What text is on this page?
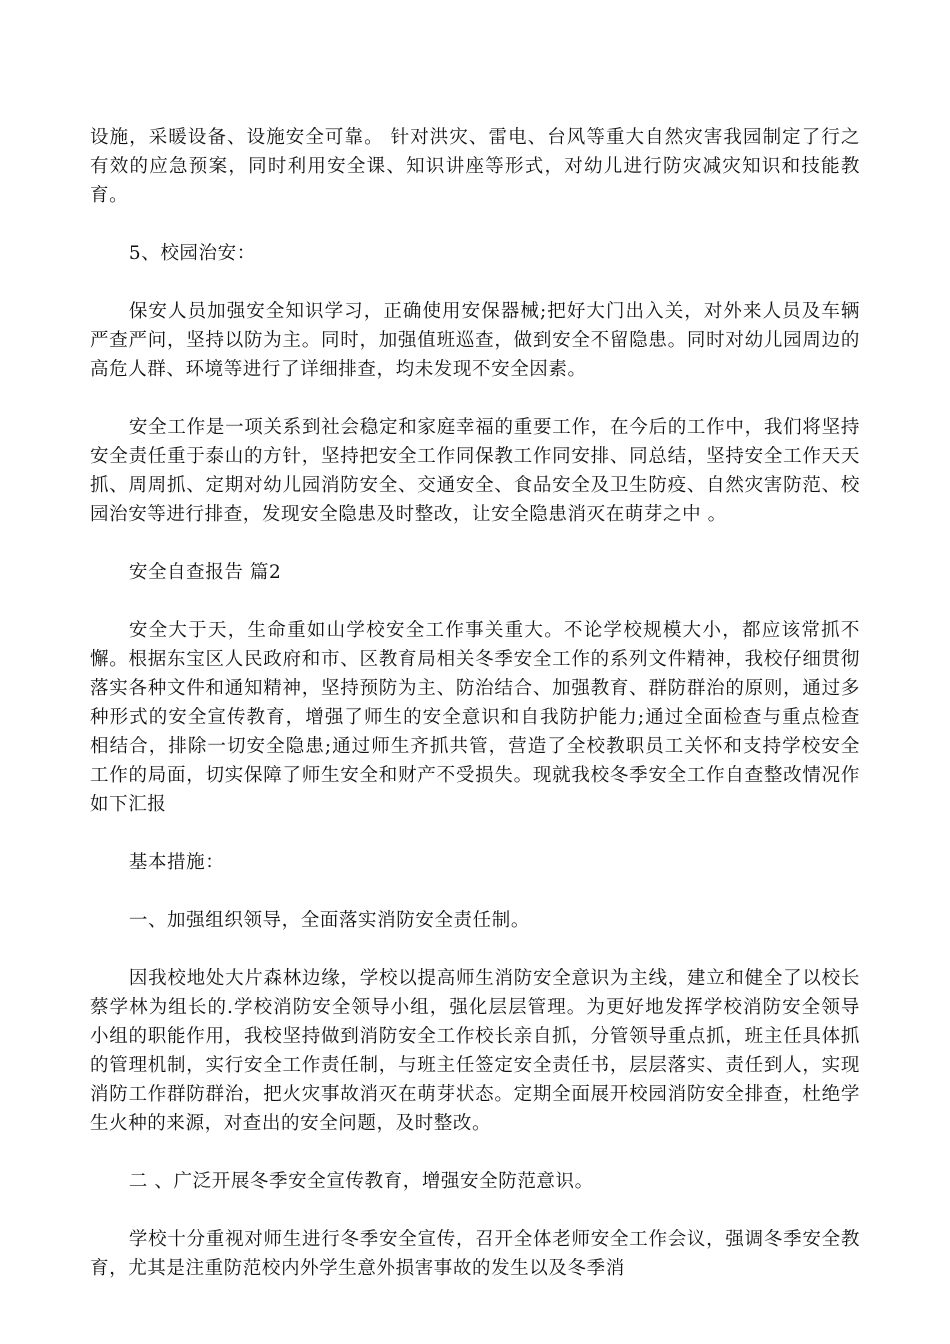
设施，采暖设备、设施安全可靠。 针对洪灾、雷电、台风等重大自然灾害我园制定了行之有效的应急预案，同时利用安全课、知识讲座等形式，对幼儿进行防灾减灾知识和技能教育。

5、校园治安：

保安人员加强安全知识学习，正确使用安保器械;把好大门出入关，对外来人员及车辆严查严问，坚持以防为主。同时，加强值班巡查，做到安全不留隐患。同时对幼儿园周边的高危人群、环境等进行了详细排查，均未发现不安全因素。

安全工作是一项关系到社会稳定和家庭幸福的重要工作，在今后的工作中，我们将坚持安全责任重于泰山的方针，坚持把安全工作同保教工作同安排、同总结，坚持安全工作天天抓、周周抓、定期对幼儿园消防安全、交通安全、食品安全及卫生防疫、自然灾害防范、校园治安等进行排查，发现安全隐患及时整改，让安全隐患消灭在萌芽之中 。

安全自查报告 篇2

安全大于天，生命重如山学校安全工作事关重大。不论学校规模大小，都应该常抓不懈。根据东宝区人民政府和市、区教育局相关冬季安全工作的系列文件精神，我校仔细贯彻落实各种文件和通知精神，坚持预防为主、防治结合、加强教育、群防群治的原则，通过多种形式的安全宣传教育，增强了师生的安全意识和自我防护能力;通过全面检查与重点检查相结合，排除一切安全隐患;通过师生齐抓共管，营造了全校教职员工关怀和支持学校安全工作的局面，切实保障了师生安全和财产不受损失。现就我校冬季安全工作自查整改情况作如下汇报

基本措施：

一、加强组织领导，全面落实消防安全责任制。

因我校地处大片森林边缘，学校以提高师生消防安全意识为主线，建立和健全了以校长蔡学林为组长的.学校消防安全领导小组，强化层层管理。为更好地发挥学校消防安全领导小组的职能作用，我校坚持做到消防安全工作校长亲自抓，分管领导重点抓，班主任具体抓的管理机制，实行安全工作责任制，与班主任签定安全责任书，层层落实、责任到人，实现消防工作群防群治，把火灾事故消灭在萌芽状态。定期全面展开校园消防安全排查，杜绝学生火种的来源，对查出的安全问题，及时整改。

二 、广泛开展冬季安全宣传教育，增强安全防范意识。

学校十分重视对师生进行冬季安全宣传，召开全体老师安全工作会议，强调冬季安全教育，尤其是注重防范校内外学生意外损害事故的发生以及冬季消
